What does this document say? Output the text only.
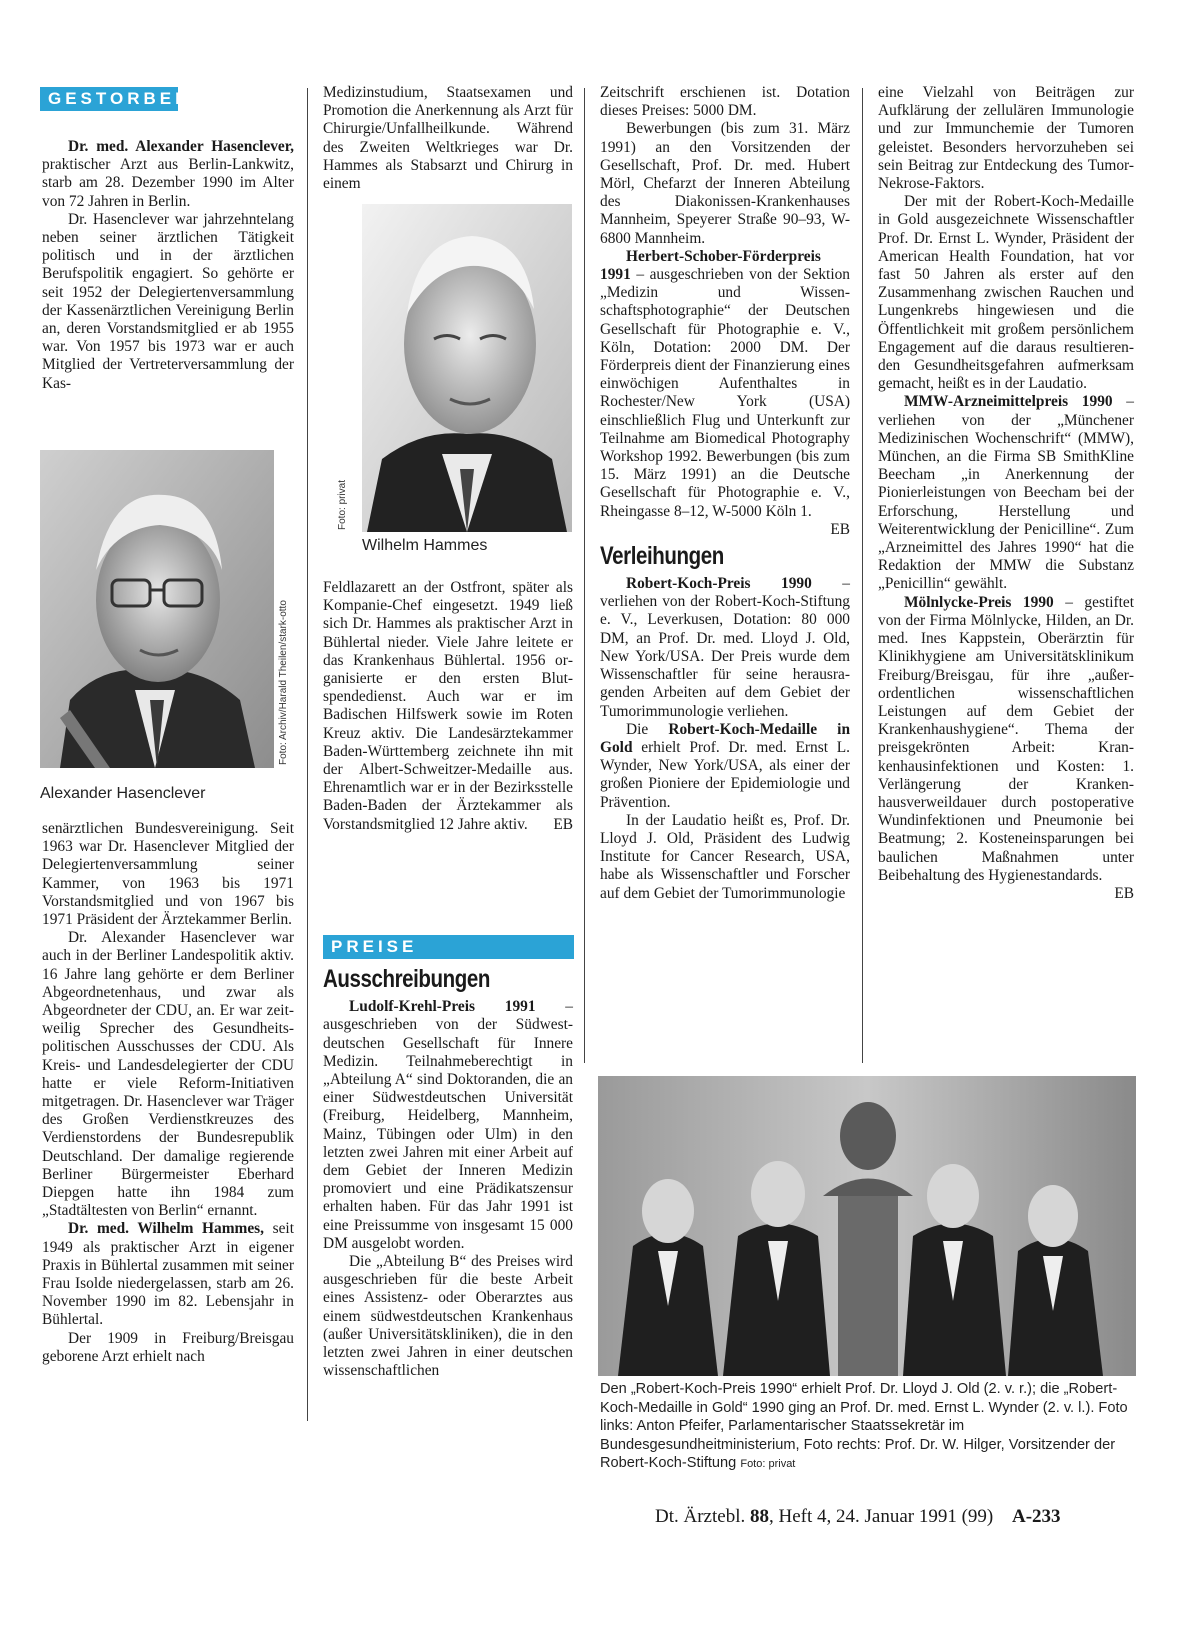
GESTORBEN

Dr. med. Alexander Hasenclever, praktischer Arzt aus Berlin-Lankwitz, starb am 28. Dezember 1990 im Alter von 72 Jahren in Berlin.

Dr. Hasenclever war jahrzehntelang neben seiner ärztlichen Tätigkeit politisch und in der ärztlichen Berufspolitik engagiert. So gehörte er seit 1952 der Delegiertenversammlung der Kassenärztlichen Vereinigung Berlin an, deren Vorstandsmitglied er ab 1955 war. Von 1957 bis 1973 war er auch Mitglied der Vertreterversammlung der Kas-

Foto: Archiv/Harald Theilen/stark-otto
Alexander Hasenclever

senärztlichen Bundesvereinigung. Seit 1963 war Dr. Hasenclever Mitglied der Delegiertenversammlung seiner Kammer, von 1963 bis 1971 Vorstandsmitglied und von 1967 bis 1971 Präsident der Ärztekammer Berlin.

Dr. Alexander Hasenclever war auch in der Berliner Landespolitik aktiv. 16 Jahre lang gehörte er dem Berliner Abgeordnetenhaus, und zwar als Abgeordneter der CDU, an. Er war zeitweilig Sprecher des Gesundheitspolitischen Ausschusses der CDU. Als Kreis- und Landesdelegierter der CDU hatte er viele Reform-Initiativen mitgetragen. Dr. Hasenclever war Träger des Großen Verdienstkreuzes des Verdienstordens der Bundesrepublik Deutschland. Der damalige regierende Berliner Bürgermeister Eberhard Diepgen hatte ihn 1984 zum „Stadtältesten von Berlin“ ernannt.

Dr. med. Wilhelm Hammes, seit 1949 als praktischer Arzt in eigener Praxis in Bühlertal zusammen mit seiner Frau Isolde niedergelassen, starb am 26. November 1990 im 82. Lebensjahr in Bühlertal.

Der 1909 in Freiburg/Breisgau geborene Arzt erhielt nach

Medizinstudium, Staatsexamen und Promotion die Anerkennung als Arzt für Chirurgie/Unfallheilkunde. Während des Zweiten Weltkrieges war Dr. Hammes als Stabsarzt und Chirurg in einem

Foto: privat
Wilhelm Hammes

Feldlazarett an der Ostfront, später als Kompanie-Chef eingesetzt. 1949 ließ sich Dr. Hammes als praktischer Arzt in Bühlertal nieder. Viele Jahre leitete er das Krankenhaus Bühlertal. 1956 organisierte er den ersten Blutspendedienst. Auch war er im Badischen Hilfswerk sowie im Roten Kreuz aktiv. Die Landesärztekammer Baden-Württemberg zeichnete ihn mit der Albert-Schweitzer-Medaille aus. Ehrenamtlich war er in der Bezirksstelle Baden-Baden der Ärztekammer als Vorstandsmitglied 12 Jahre aktiv. EB

PREISE
Ausschreibungen

Ludolf-Krehl-Preis 1991 – ausgeschrieben von der Südwestdeutschen Gesellschaft für Innere Medizin. Teilnahmeberechtigt in „Abteilung A“ sind Doktoranden, die an einer Südwestdeutschen Universität (Freiburg, Heidelberg, Mannheim, Mainz, Tübingen oder Ulm) in den letzten zwei Jahren mit einer Arbeit auf dem Gebiet der Inneren Medizin promoviert und eine Prädikatszensur erhalten haben. Für das Jahr 1991 ist eine Preissumme von insgesamt 15 000 DM ausgelobt worden.

Die „Abteilung B“ des Preises wird ausgeschrieben für die beste Arbeit eines Assistenz- oder Oberarztes aus einem südwestdeutschen Krankenhaus (außer Universitätskliniken), die in den letzten zwei Jahren in einer deutschen wissenschaftlichen

Zeitschrift erschienen ist. Dotation dieses Preises: 5000 DM.

Bewerbungen (bis zum 31. März 1991) an den Vorsitzenden der Gesellschaft, Prof. Dr. med. Hubert Mörl, Chefarzt der Inneren Abteilung des Diakonissen-Krankenhauses Mannheim, Speyerer Straße 90–93, W-6800 Mannheim.

Herbert-Schober-Förderpreis 1991 – ausgeschrieben von der Sektion „Medizin und Wissenschaftsphotographie“ der Deutschen Gesellschaft für Photographie e. V., Köln, Dotation: 2000 DM. Der Förderpreis dient der Finanzierung eines einwöchigen Aufenthaltes in Rochester/New York (USA) einschließlich Flug und Unterkunft zur Teilnahme am Biomedical Photography Workshop 1992. Bewerbungen (bis zum 15. März 1991) an die Deutsche Gesellschaft für Photographie e. V., Rheingasse 8–12, W-5000 Köln 1.
EB

Verleihungen

Robert-Koch-Preis 1990 – verliehen von der Robert-Koch-Stiftung e. V., Leverkusen, Dotation: 80 000 DM, an Prof. Dr. med. Lloyd J. Old, New York/USA. Der Preis wurde dem Wissenschaftler für seine herausragenden Arbeiten auf dem Gebiet der Tumorimmunologie verliehen.

Die Robert-Koch-Medaille in Gold erhielt Prof. Dr. med. Ernst L. Wynder, New York/USA, als einer der großen Pioniere der Epidemiologie und Prävention.

In der Laudatio heißt es, Prof. Dr. Lloyd J. Old, Präsident des Ludwig Institute for Cancer Research, USA, habe als Wissenschaftler und Forscher auf dem Gebiet der Tumorimmunologie

eine Vielzahl von Beiträgen zur Aufklärung der zellulären Immunologie und zur Immunchemie der Tumoren geleistet. Besonders hervorzuheben sei sein Beitrag zur Entdeckung des Tumor-Nekrose-Faktors.

Der mit der Robert-Koch-Medaille in Gold ausgezeichnete Wissenschaftler Prof. Dr. Ernst L. Wynder, Präsident der American Health Foundation, hat vor fast 50 Jahren als erster auf den Zusammenhang zwischen Rauchen und Lungenkrebs hingewiesen und die Öffentlichkeit mit großem persönlichem Engagement auf die daraus resultierenden Gesundheitsgefahren aufmerksam gemacht, heißt es in der Laudatio.

MMW-Arzneimittelpreis 1990 – verliehen von der „Münchener Medizinischen Wochenschrift“ (MMW), München, an die Firma SB SmithKline Beecham „in Anerkennung der Pionierleistungen von Beecham bei der Erforschung, Herstellung und Weiterentwicklung der Penicilline“. Zum „Arzneimittel des Jahres 1990“ hat die Redaktion der MMW die Substanz „Penicillin“ gewählt.

Mölnlycke-Preis 1990 – gestiftet von der Firma Mölnlycke, Hilden, an Dr. med. Ines Kappstein, Oberärztin für Klinikhygiene am Universitätsklinikum Freiburg/Breisgau, für ihre „außerordentlichen wissenschaftlichen Leistungen auf dem Gebiet der Krankenhaushygiene“. Thema der preisgekrönten Arbeit: Krankenhausinfektionen und Kosten: 1. Verlängerung der Krankenhausverweildauer durch postoperative Wundinfektionen und Pneumonie bei Beatmung; 2. Kosteneinsparungen bei baulichen Maßnahmen unter Beibehaltung des Hygienestandards.
EB

Den „Robert-Koch-Preis 1990“ erhielt Prof. Dr. Lloyd J. Old (2. v. r.); die „Robert-Koch-Medaille in Gold“ 1990 ging an Prof. Dr. med. Ernst L. Wynder (2. v. l.). Foto links: Anton Pfeifer, Parlamentarischer Staatssekretär im Bundesgesundheitministerium, Foto rechts: Prof. Dr. W. Hilger, Vorsitzender der Robert-Koch-Stiftung Foto: privat
Dt. Ärztebl. 88, Heft 4, 24. Januar 1991 (99) A-233
